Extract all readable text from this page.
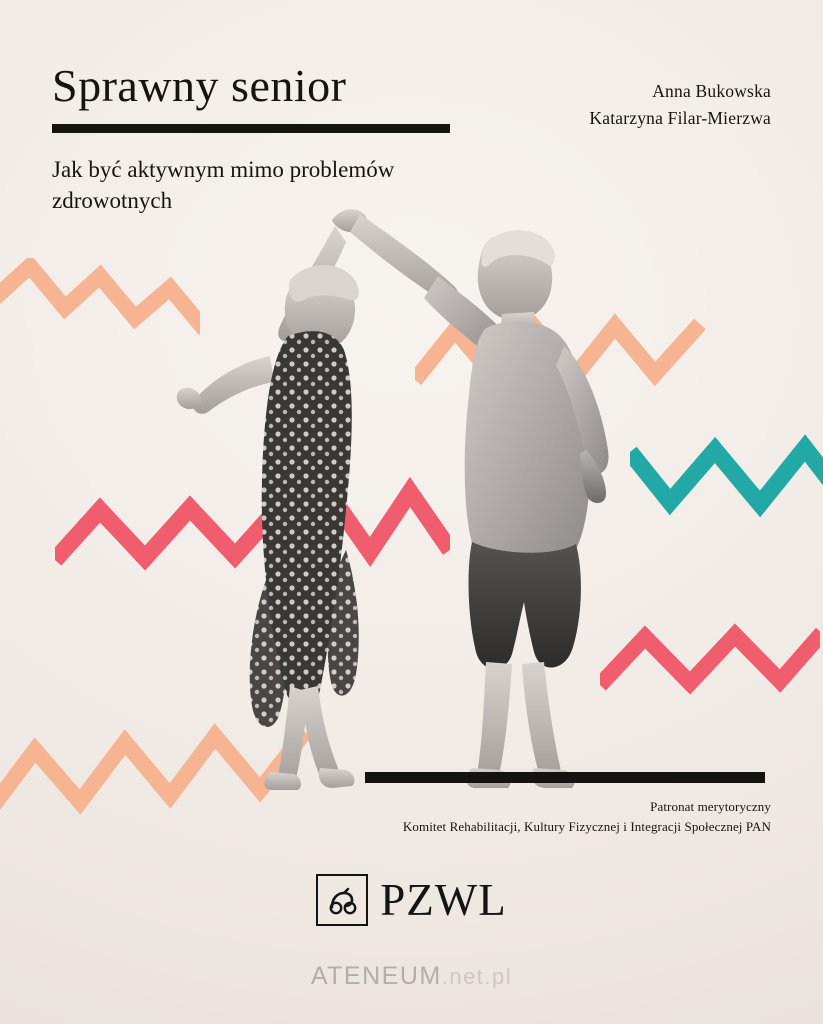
Sprawny senior
Jak być aktywnym mimo problemów zdrowotnych
Anna Bukowska
Katarzyna Filar-Mierzwa
Patronat merytoryczny
Komitet Rehabilitacji, Kultury Fizycznej i Integracji Społecznej PAN
PZWL
ATENEUM.net.pl
